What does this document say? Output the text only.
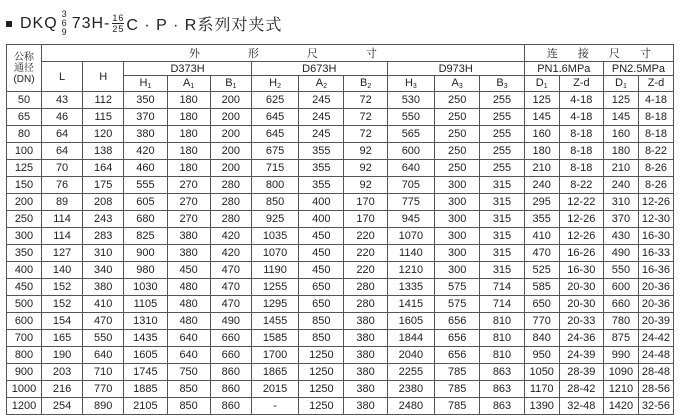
DKQ
3
6
9
$73H- \frac{16}{25}$ C · P · R系列对夹式
公称
通径
(DN)	外 形 尺 寸											连 接 尺 寸			
	L	H	D373H			D673H			D973H			PN1.6MPa		PN2.5MPa	
			$H_1$	$A_1$	$B_1$	$H_2$	$A_2$	$B_2$	$H_3$	$A_3$	$B_3$	$D_1$	Z-d	$D_1$	Z-d
50	43	112	350	180	200	625	245	72	530	250	255	125	4-18	125	4-18
65	46	115	370	180	200	645	245	72	550	250	255	145	4-18	145	8-18
80	64	120	380	180	200	645	245	72	565	250	255	160	8-18	160	8-18
100	64	138	420	180	200	675	355	92	600	250	255	180	8-18	180	8-22
125	70	164	460	180	200	715	355	92	640	250	255	210	8-18	210	8-26
150	76	175	555	270	280	800	355	92	705	300	315	240	8-22	240	8-26
200	89	208	605	270	280	850	400	170	775	300	315	295	12-22	310	12-26
250	114	243	680	270	280	925	400	170	945	300	315	355	12-26	370	12-30
300	114	283	825	380	420	1035	450	220	1070	300	315	410	12-26	430	16-30
350	127	310	900	380	420	1070	450	220	1140	300	315	470	16-26	490	16-33
400	140	340	980	450	470	1190	450	220	1210	300	315	525	16-30	550	16-36
450	152	380	1030	480	470	1255	650	280	1335	575	714	585	20-30	600	20-36
500	152	410	1105	480	470	1295	650	280	1415	575	714	650	20-30	660	20-36
600	154	470	1310	480	490	1455	850	380	1605	656	810	770	20-33	780	20-39
700	165	550	1435	640	660	1585	850	380	1844	656	810	840	24-36	875	24-42
800	190	640	1605	640	660	1700	1250	380	2040	656	810	950	24-39	990	24-48
900	203	710	1745	750	860	1865	1250	380	2255	785	863	1050	28-39	1090	28-48
1000	216	770	1885	850	860	2015	1250	380	2380	785	863	1170	28-42	1210	28-56
1200	254	890	2105	850	860	-	1250	380	2480	785	863	1390	32-48	1420	32-56
